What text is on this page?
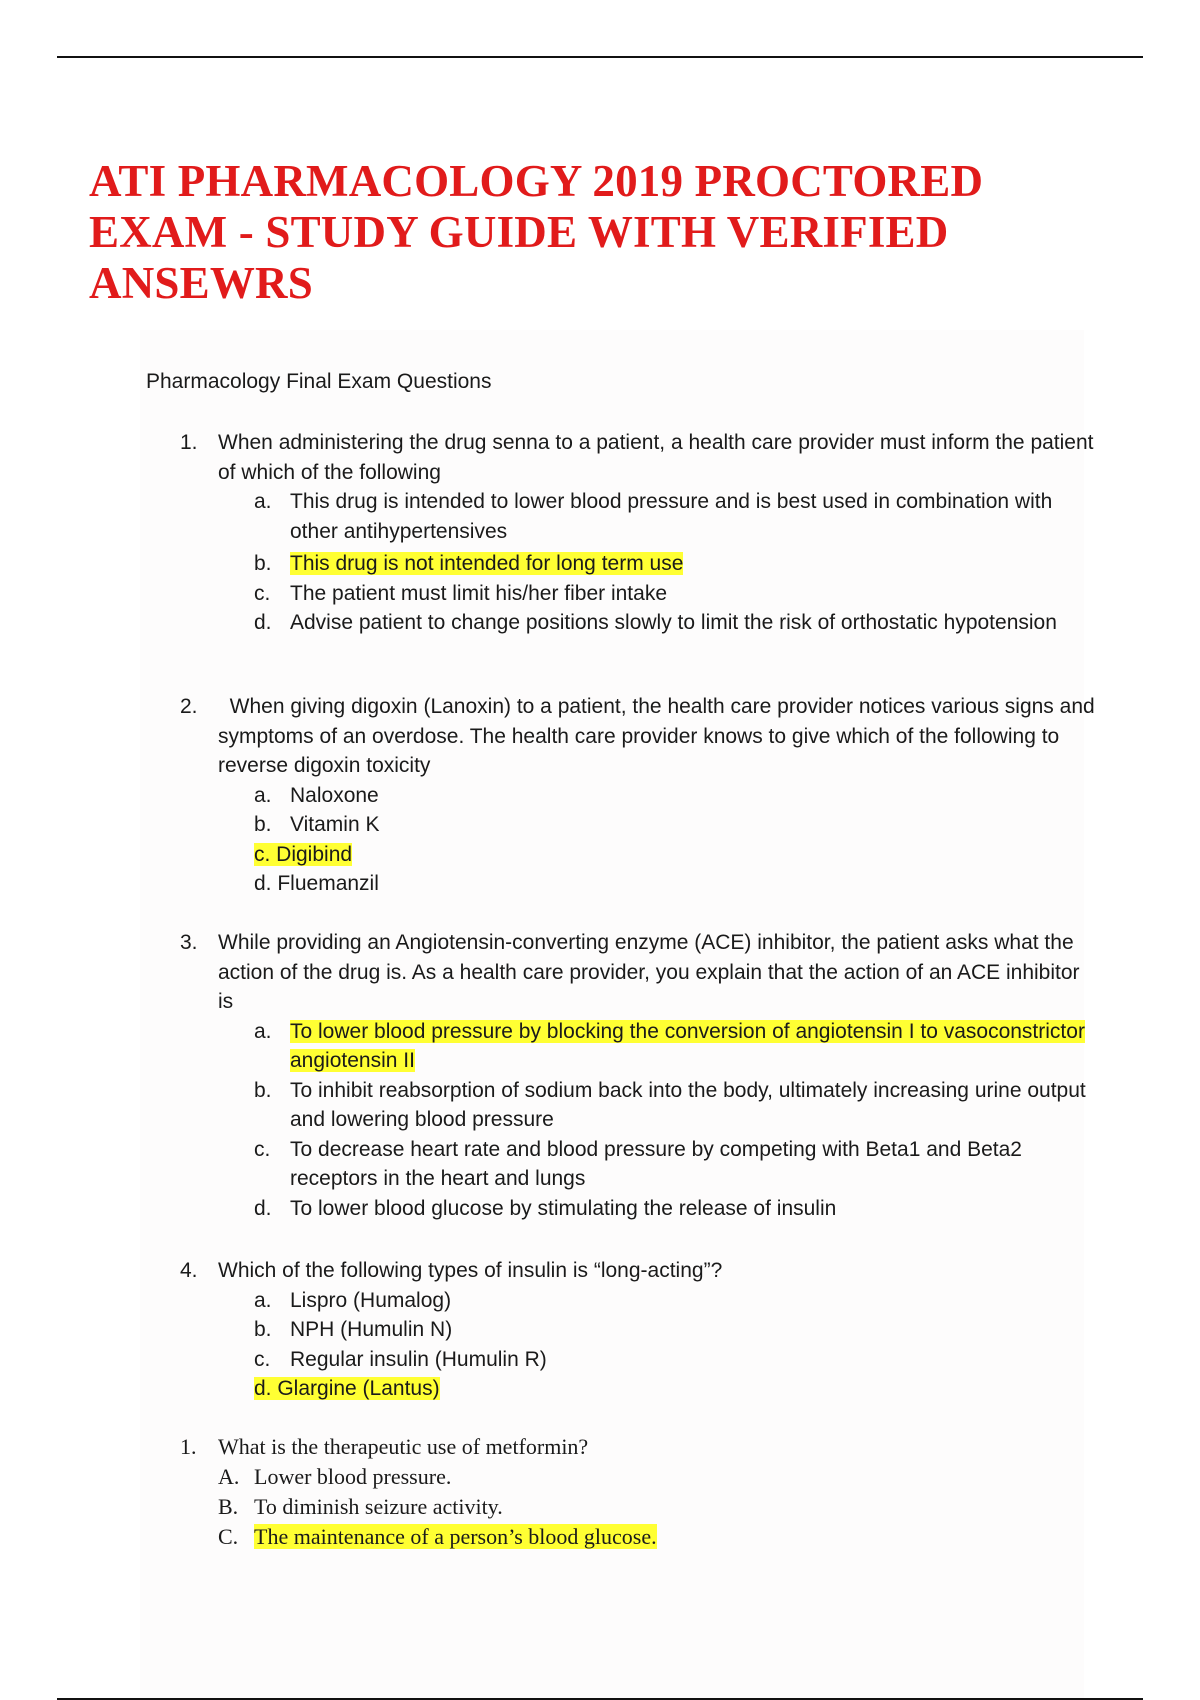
ATI PHARMACOLOGY 2019 PROCTORED EXAM - STUDY GUIDE WITH VERIFIED ANSEWRS
Pharmacology Final Exam Questions
1. When administering the drug senna to a patient, a health care provider must inform the patient of which of the following
a. This drug is intended to lower blood pressure and is best used in combination with other antihypertensives
b. This drug is not intended for long term use
c. The patient must limit his/her fiber intake
d. Advise patient to change positions slowly to limit the risk of orthostatic hypotension
2. When giving digoxin (Lanoxin) to a patient, the health care provider notices various signs and symptoms of an overdose. The health care provider knows to give which of the following to reverse digoxin toxicity
a. Naloxone
b. Vitamin K
c. Digibind
d. Fluemanzil
3. While providing an Angiotensin-converting enzyme (ACE) inhibitor, the patient asks what the action of the drug is. As a health care provider, you explain that the action of an ACE inhibitor is
a. To lower blood pressure by blocking the conversion of angiotensin I to vasoconstrictor angiotensin II
b. To inhibit reabsorption of sodium back into the body, ultimately increasing urine output and lowering blood pressure
c. To decrease heart rate and blood pressure by competing with Beta1 and Beta2 receptors in the heart and lungs
d. To lower blood glucose by stimulating the release of insulin
4. Which of the following types of insulin is “long-acting”?
a. Lispro (Humalog)
b. NPH (Humulin N)
c. Regular insulin (Humulin R)
d. Glargine (Lantus)
1. What is the therapeutic use of metformin?
A. Lower blood pressure.
B. To diminish seizure activity.
C. The maintenance of a person’s blood glucose.
